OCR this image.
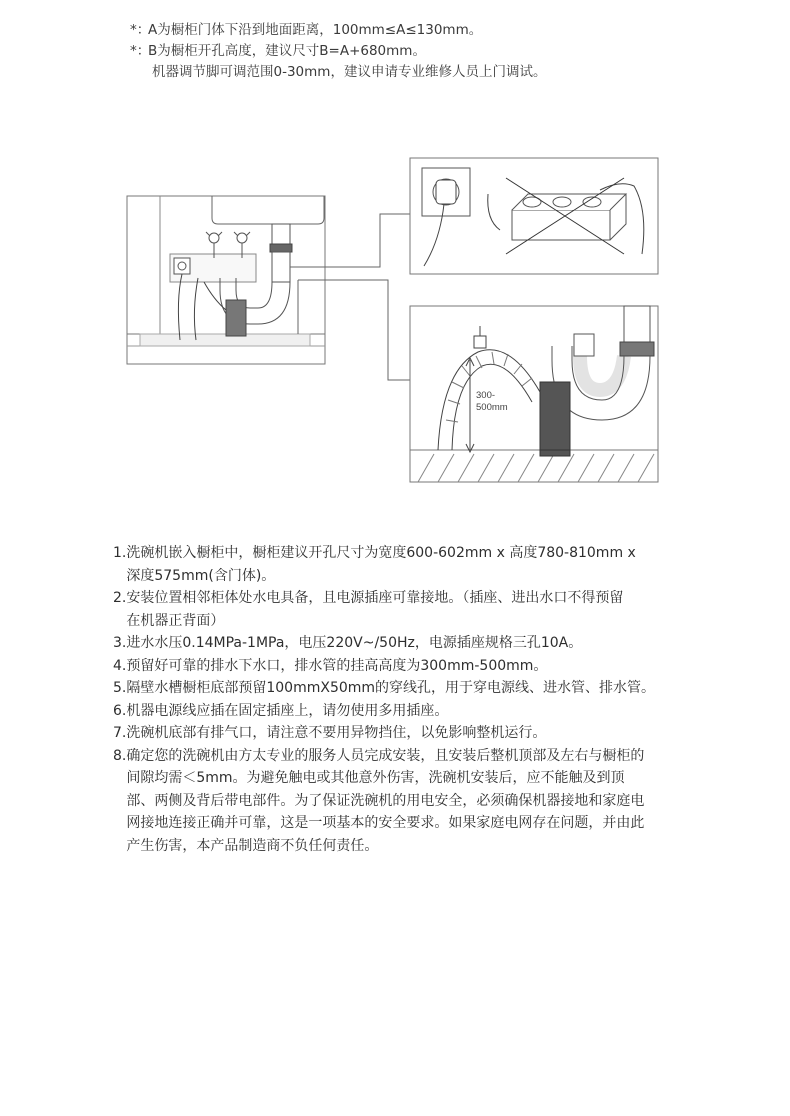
*：A为橱柜门体下沿到地面距离，100mm≤A≤130mm。
*：B为橱柜开孔高度，建议尺寸B=A+680mm。
机器调节脚可调范围0-30mm，建议申请专业维修人员上门调试。
300-
500mm
1. 洗碗机嵌入橱柜中，橱柜建议开孔尺寸为宽度600-602mm x 高度780-810mm x
深度575mm(含门体)。
2. 安装位置相邻柜体处水电具备，且电源插座可靠接地。（插座、进出水口不得预留
在机器正背面）
3. 进水水压0.14MPa-1MPa，电压220V~/50Hz，电源插座规格三孔10A。
4. 预留好可靠的排水下水口，排水管的挂高高度为300mm-500mm。
5. 隔壁水槽橱柜底部预留100mmX50mm的穿线孔，用于穿电源线、进水管、排水管。
6. 机器电源线应插在固定插座上，请勿使用多用插座。
7. 洗碗机底部有排气口，请注意不要用异物挡住，以免影响整机运行。
8. 确定您的洗碗机由方太专业的服务人员完成安装，且安装后整机顶部及左右与橱柜的
间隙均需＜5mm。为避免触电或其他意外伤害，洗碗机安装后，应不能触及到顶
部、两侧及背后带电部件。为了保证洗碗机的用电安全，必须确保机器接地和家庭电
网接地连接正确并可靠，这是一项基本的安全要求。如果家庭电网存在问题，并由此
产生伤害，本产品制造商不负任何责任。
